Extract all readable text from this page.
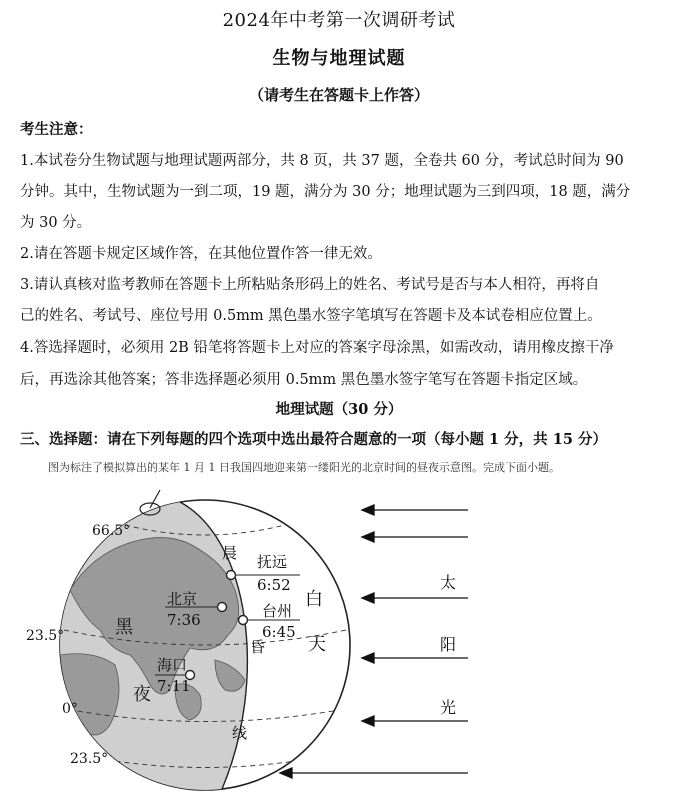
2024年中考第一次调研考试
生物与地理试题
（请考生在答题卡上作答）
考生注意：
1.本试卷分生物试题与地理试题两部分，共 8 页，共 37 题，全卷共 60 分，考试总时间为 90
分钟。其中，生物试题为一到二项，19 题，满分为 30 分；地理试题为三到四项，18 题，满分
为 30 分。
2.请在答题卡规定区域作答，在其他位置作答一律无效。
3.请认真核对监考教师在答题卡上所粘贴条形码上的姓名、考试号是否与本人相符，再将自
己的姓名、考试号、座位号用 0.5mm 黑色墨水签字笔填写在答题卡及本试卷相应位置上。
4.答选择题时，必须用 2B 铅笔将答题卡上对应的答案字母涂黑，如需改动，请用橡皮擦干净
后，再选涂其他答案；答非选择题必须用 0.5mm 黑色墨水签字笔写在答题卡指定区域。
地理试题（30 分）
三、选择题：请在下列每题的四个选项中选出最符合题意的一项（每小题 1 分，共 15 分）
图为标注了模拟算出的某年 1 月 1 日我国四地迎来第一缕阳光的北京时间的昼夜示意图。完成下面小题。
66.5°
23.5°
0°
23.5°
抚远
6:52
北京
7:36	台州
6:45
海口
7:11
黑
夜
白
天
晨
昏
线
太
阳
光
